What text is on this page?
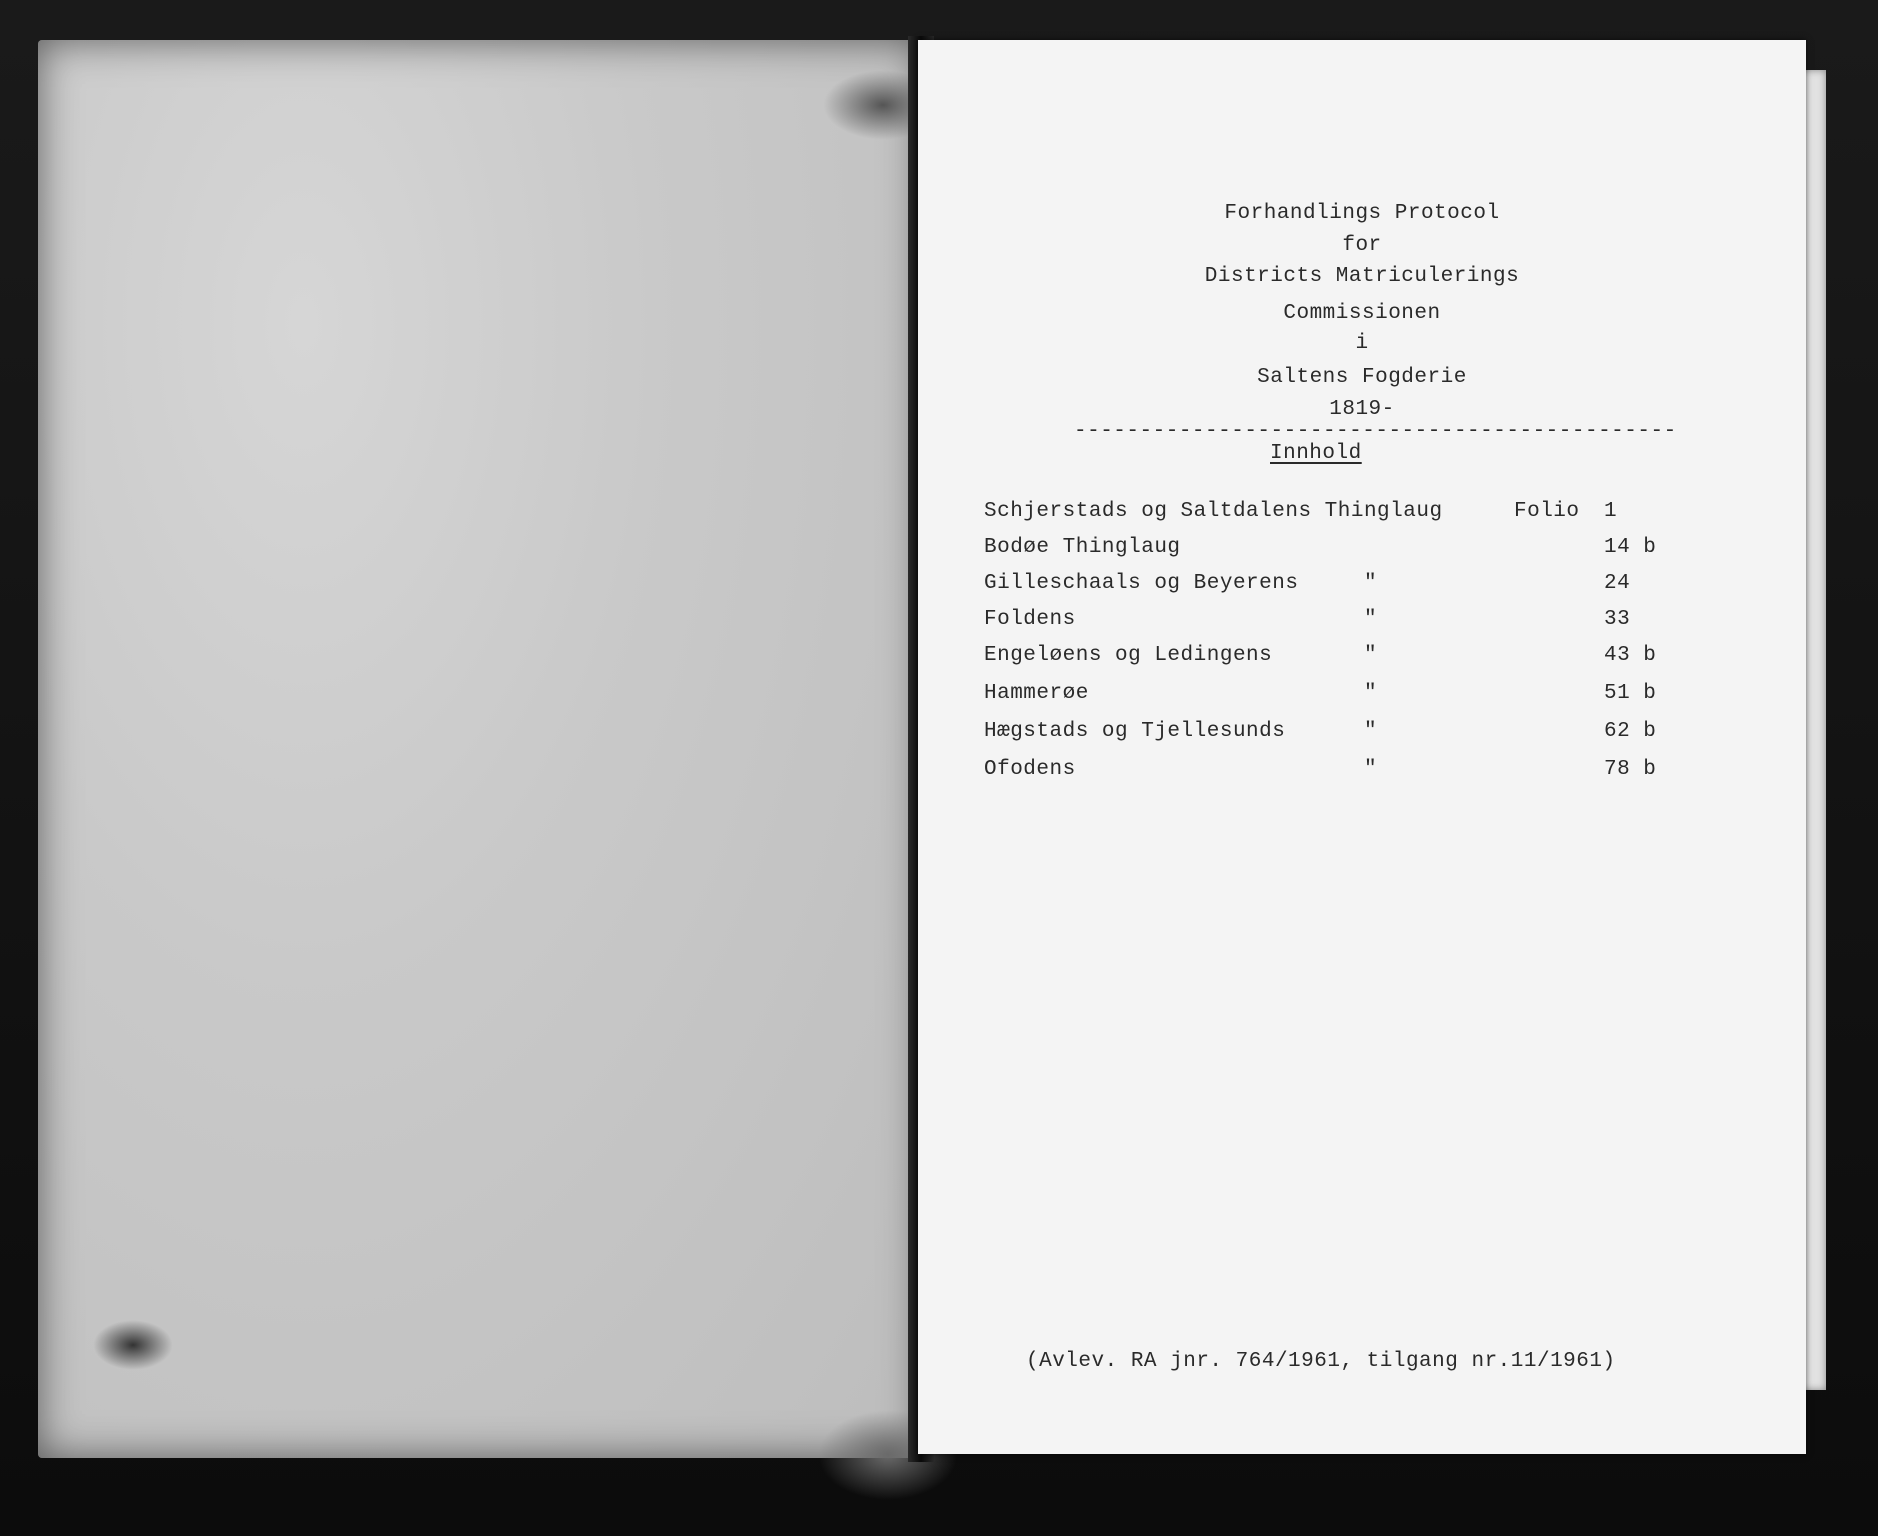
Forhandlings Protocol
for
Districts Matriculerings
Commissionen
i
Saltens Fogderie
1819-
----------------------------------------------
Innhold
Schjerstads og Saltdalens Thinglaug	Folio 1
Bodøe Thinglaug	14 b
Gilleschaals og Beyerens	"	24
Foldens	"	33
Engeløens og Ledingens	"	43 b
Hammerøe	"	51 b
Hægstads og Tjellesunds	"	62 b
Ofodens	"	78 b
(Avlev. RA jnr. 764/1961, tilgang nr.11/1961)
